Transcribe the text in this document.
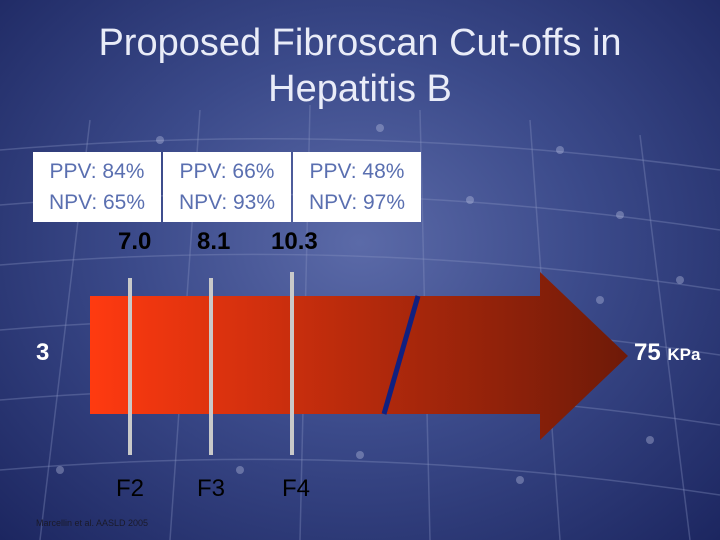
Proposed Fibroscan Cut-offs in
Hepatitis B
PPV: 84%
NPV: 65%
PPV: 66%
NPV: 93%
PPV: 48%
NPV: 97%
7.0 8.1 10.3
3	75 KPa
F2 F3 F4
Marcellin et al. AASLD 2005
